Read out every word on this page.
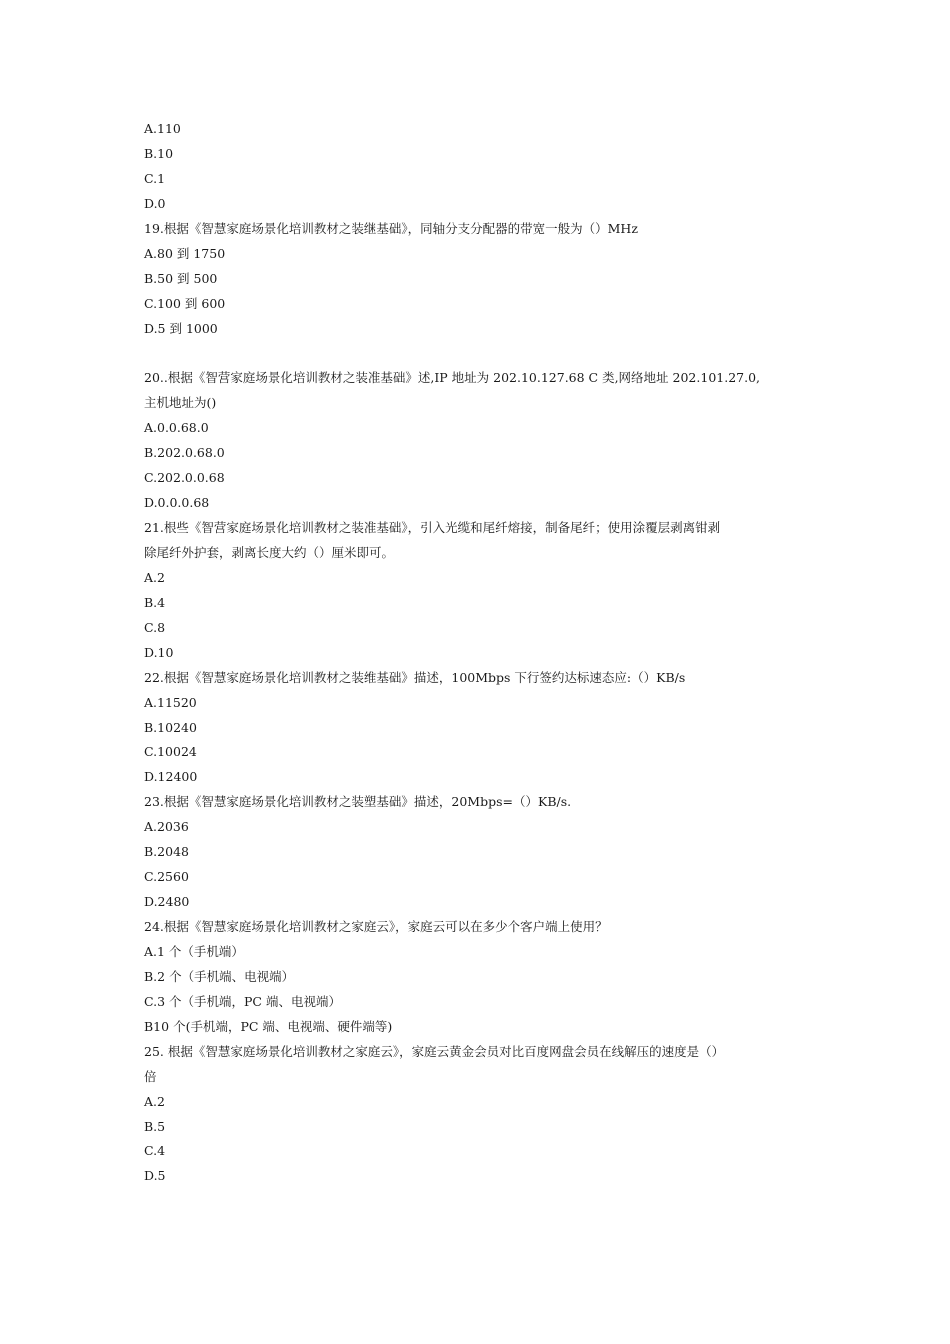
A.110
B.10
C.1
D.0
19.根据《智慧家庭场景化培训教材之装继基础》，同轴分支分配器的带宽一般为（）MHz
A.80 到 1750
B.50 到 500
C.100 到 600
D.5 到 1000
20..根据《智营家庭场景化培训教材之装准基础》述,IP 地址为 202.10.127.68 C 类,网络地址 202.101.27.0,
主机地址为()
A.0.0.68.0
B.202.0.68.0
C.202.0.0.68
D.0.0.0.68
21.根些《智营家庭场景化培训教材之装准基础》，引入光缆和尾纤熔接，制备尾纤；使用涂覆层剥离钳剥
除尾纤外护套，剥离长度大约（）厘米即可。
A.2
B.4
C.8
D.10
22.根据《智慧家庭场景化培训教材之装维基础》描述，100Mbps 下行签约达标速态应:（）KB/s
A.11520
B.10240
C.10024
D.12400
23.根据《智慧家庭场景化培训教材之装塑基础》描述，20Mbps=（）KB/s.
A.2036
B.2048
C.2560
D.2480
24.根据《智慧家庭场景化培训教材之家庭云》，家庭云可以在多少个客户端上使用？
A.1 个（手机端）
B.2 个（手机端、电视端）
C.3 个（手机端，PC 端、电视端）
B10 个(手机端，PC 端、电视端、硬件端等)
25. 根据《智慧家庭场景化培训教材之家庭云》，家庭云黄金会员对比百度网盘会员在线解压的速度是（）
倍
A.2
B.5
C.4
D.5
